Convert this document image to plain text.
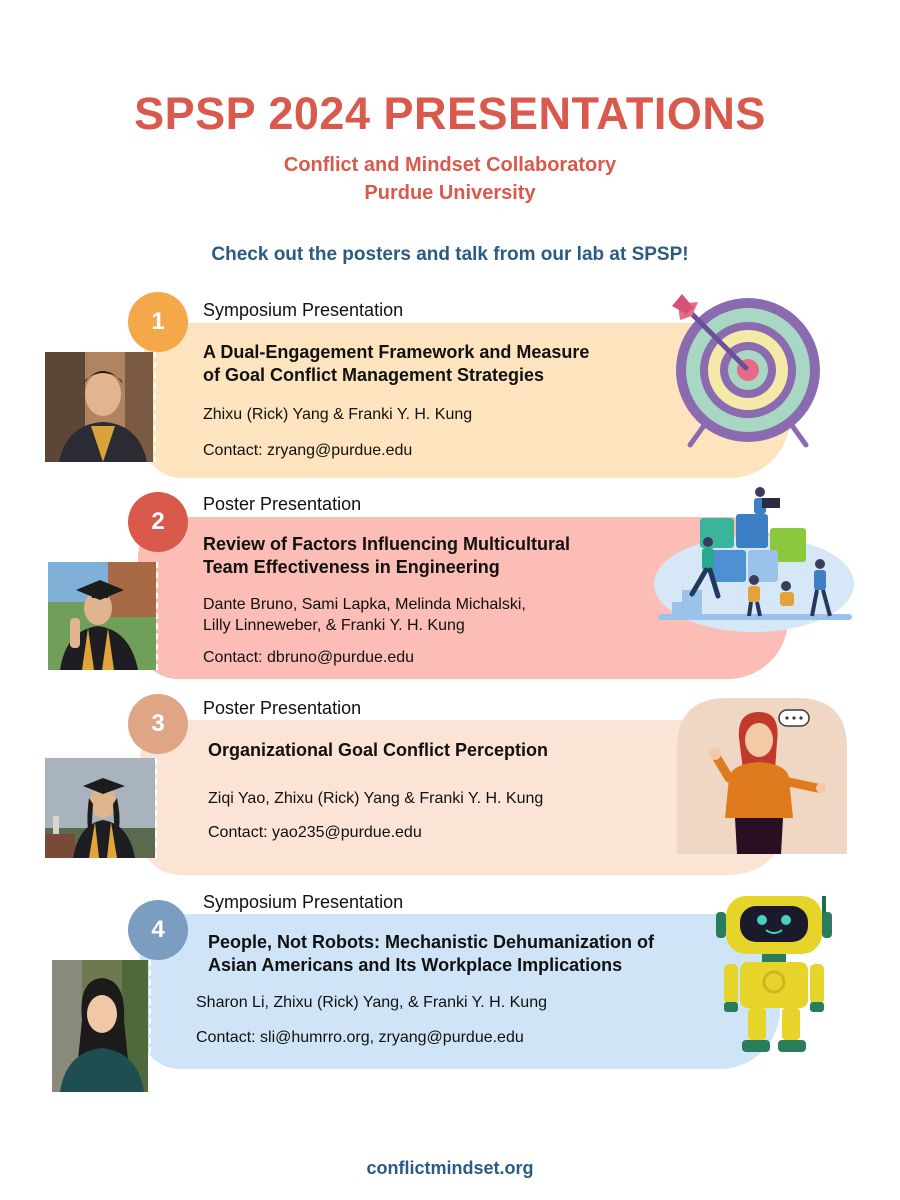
SPSP 2024 PRESENTATIONS
Conflict and Mindset Collaboratory
Purdue University
Check out the posters and talk from our lab at SPSP!
1 Symposium Presentation
A Dual-Engagement Framework and Measure
of Goal Conflict Management Strategies
Zhixu (Rick) Yang & Franki Y. H. Kung
Contact: zryang@purdue.edu
2
Poster Presentation
Review of Factors Influencing Multicultural
Team Effectiveness in Engineering
Dante Bruno, Sami Lapka, Melinda Michalski,
Lilly Linneweber, & Franki Y. H. Kung
Contact: dbruno@purdue.edu
3
Poster Presentation
Organizational Goal Conflict Perception
Ziqi Yao, Zhixu (Rick) Yang & Franki Y. H. Kung
Contact: yao235@purdue.edu
4
Symposium Presentation
People, Not Robots: Mechanistic Dehumanization of
Asian Americans and Its Workplace Implications
Sharon Li, Zhixu (Rick) Yang, & Franki Y. H. Kung
Contact: sli@humrro.org, zryang@purdue.edu
conflictmindset.org
